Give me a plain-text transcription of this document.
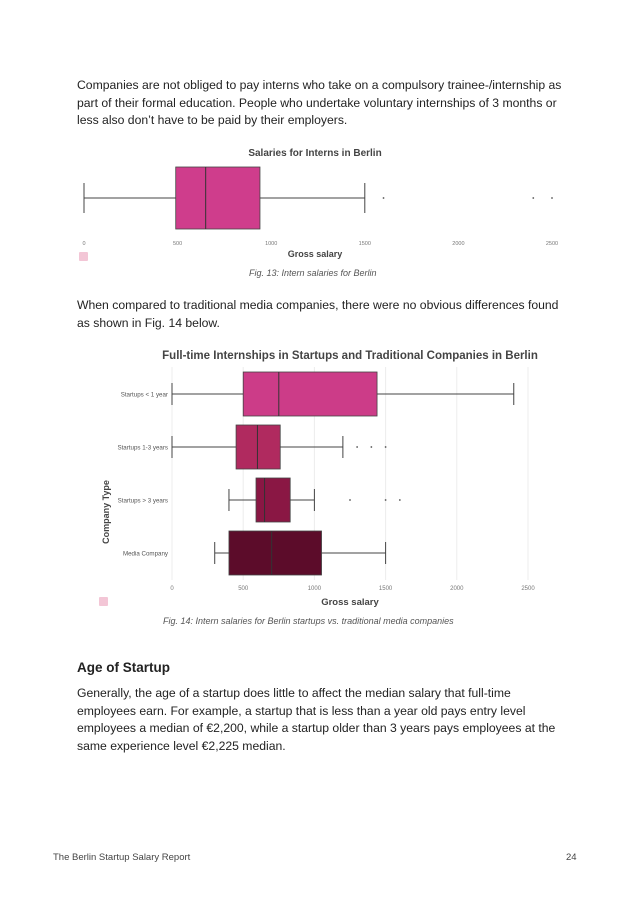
Companies are not obliged to pay interns who take on a compulsory trainee-/internship as part of their formal education. People who undertake voluntary internships of 3 months or less also don’t have to be paid by their employers.

Salaries for Interns in Berlin
0	500	1000	1500	2000	2500
Gross salary
Fig. 13: Intern salaries for Berlin

When compared to traditional media companies, there were no obvious differences found as shown in Fig. 14 below.

Full-time Internships in Startups and Traditional Companies in Berlin
0	500	1000	1500	2000	2500
Startups < 1 year
Startups 1-3 years
Startups > 3 years
Media Company
Company Type
Gross salary
Fig. 14: Intern salaries for Berlin startups vs. traditional media companies
Age of Startup

Generally, the age of a startup does little to affect the median salary that full-time employees earn. For example, a startup that is less than a year old pays entry level employees a median of €2,200, while a startup older than 3 years pays employees at the same experience level €2,225 median.

The Berlin Startup Salary Report	24
